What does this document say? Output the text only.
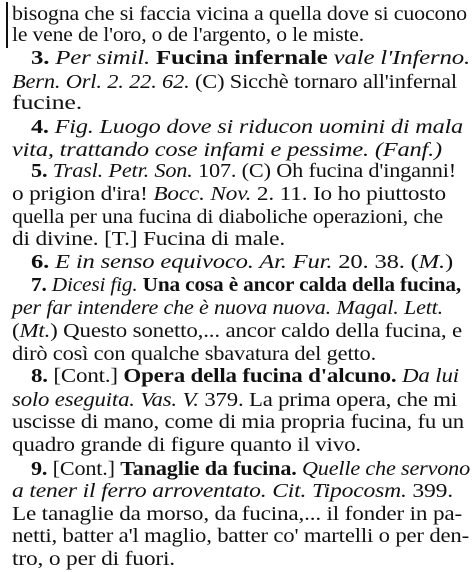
bisogna che si faccia vicina a quella dove si cuocono
le vene de l'oro, o de l'argento, o le miste.
3. Per simil. Fucina infernale vale l'Inferno.
Bern. Orl. 2. 22. 62. (C) Sicchè tornaro all'infernal
fucine.
4. Fig. Luogo dove si riducon uomini di mala
vita, trattando cose infami e pessime. (Fanf.)
5. Trasl. Petr. Son. 107. (C) Oh fucina d'inganni!
o prigion d'ira! Bocc. Nov. 2. 11. Io ho piuttosto
quella per una fucina di diaboliche operazioni, che
di divine. [T.] Fucina di male.
6. E in senso equivoco. Ar. Fur. 20. 38. (M.)
7. Dicesi fig. Una cosa è ancor calda della fucina,
per far intendere che è nuova nuova. Magal. Lett.
(Mt.) Questo sonetto,... ancor caldo della fucina, e
dirò così con qualche sbavatura del getto.
8. [Cont.] Opera della fucina d'alcuno. Da lui
solo eseguita. Vas. V. 379. La prima opera, che mi
uscisse di mano, come di mia propria fucina, fu un
quadro grande di figure quanto il vivo.
9. [Cont.] Tanaglie da fucina. Quelle che servono
a tener il ferro arroventato. Cit. Tipocosm. 399.
Le tanaglie da morso, da fucina,... il fonder in pa-
netti, batter a'l maglio, batter co' martelli o per den-
tro, o per di fuori.
